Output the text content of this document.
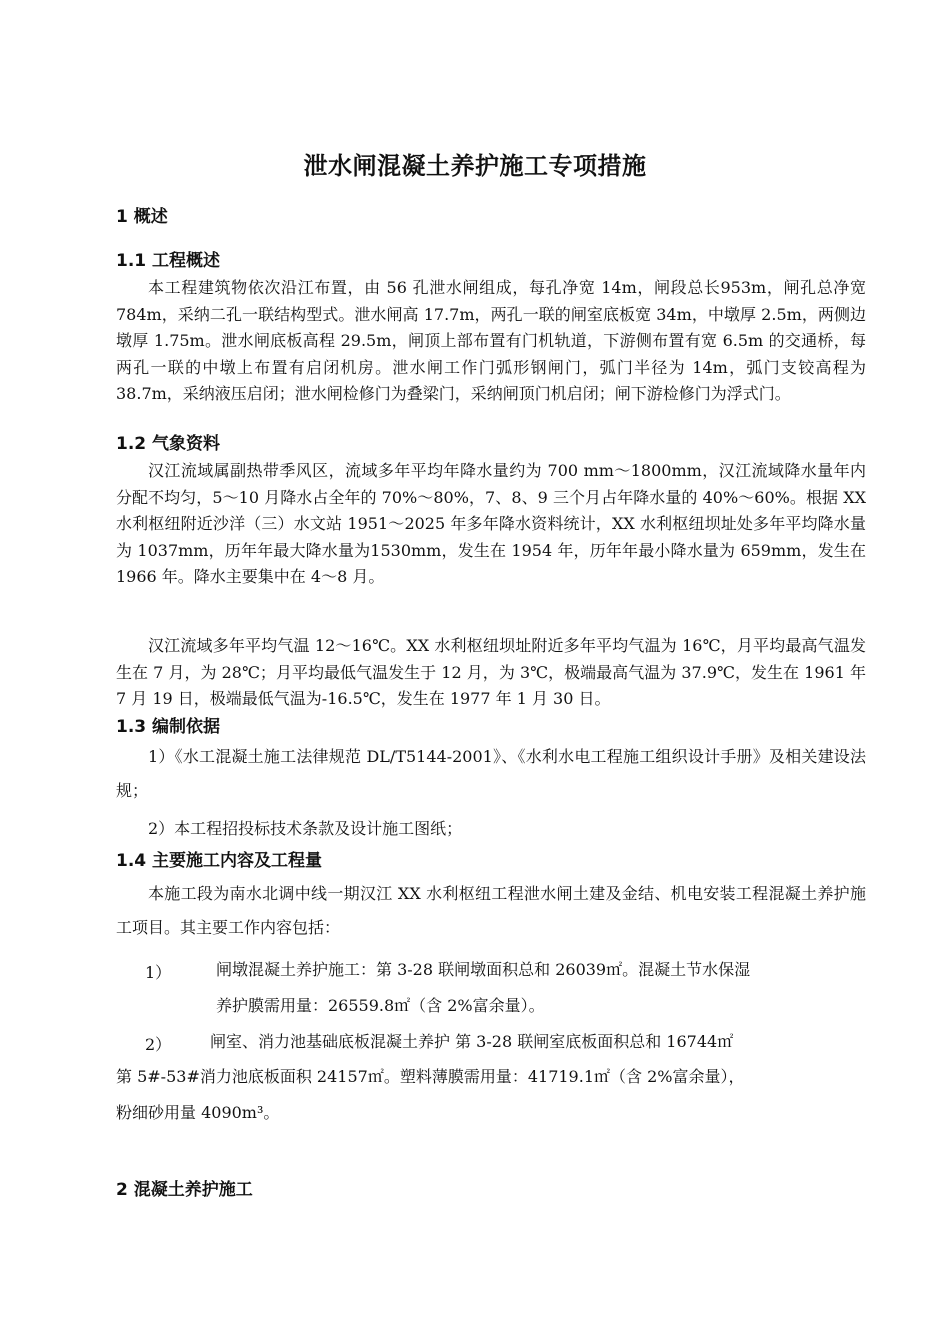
泄水闸混凝土养护施工专项措施
1 概述
1.1 工程概述

本工程建筑物依次沿江布置，由 56 孔泄水闸组成，每孔净宽 14m，闸段总长953m，闸孔总净宽 784m，采纳二孔一联结构型式。泄水闸高 17.7m，两孔一联的闸室底板宽 34m，中墩厚 2.5m，两侧边墩厚 1.75m。泄水闸底板高程 29.5m，闸顶上部布置有门机轨道，下游侧布置有宽 6.5m 的交通桥，每两孔一联的中墩上布置有启闭机房。泄水闸工作门弧形钢闸门，弧门半径为 14m，弧门支铰高程为 38.7m，采纳液压启闭；泄水闸检修门为叠梁门，采纳闸顶门机启闭；闸下游检修门为浮式门。

1.2 气象资料

汉江流域属副热带季风区，流域多年平均年降水量约为 700 mm～1800mm，汉江流域降水量年内分配不均匀，5～10 月降水占全年的 70%～80%，7、8、9 三个月占年降水量的 40%～60%。根据 XX 水利枢纽附近沙洋（三）水文站 1951～2025 年多年降水资料统计，XX 水利枢纽坝址处多年平均降水量为 1037mm，历年年最大降水量为1530mm，发生在 1954 年，历年年最小降水量为 659mm，发生在 1966 年。降水主要集中在 4～8 月。

汉江流域多年平均气温 12～16℃。XX 水利枢纽坝址附近多年平均气温为 16℃，月平均最高气温发生在 7 月，为 28℃；月平均最低气温发生于 12 月，为 3℃，极端最高气温为 37.9℃，发生在 1961 年 7 月 19 日，极端最低气温为-16.5℃，发生在 1977 年 1 月 30 日。

1.3 编制依据

1）《水工混凝土施工法律规范 DL/T5144-2001》、《水利水电工程施工组织设计手册》及相关建设法规；

2）本工程招投标技术条款及设计施工图纸；

1.4 主要施工内容及工程量

本施工段为南水北调中线一期汉江 XX 水利枢纽工程泄水闸土建及金结、机电安装工程混凝土养护施工项目。其主要工作内容包括：

1）	闸墩混凝土养护施工：第 3-28 联闸墩面积总和 26039㎡。混凝土节水保湿
养护膜需用量：26559.8㎡（含 2%富余量）。
2） 闸室、消力池基础底板混凝土养护 第 3-28 联闸室底板面积总和 16744㎡
第 5#-53#消力池底板面积 24157㎡。塑料薄膜需用量：41719.1㎡（含 2%富余量），
粉细砂用量 4090m³。
2 混凝土养护施工
